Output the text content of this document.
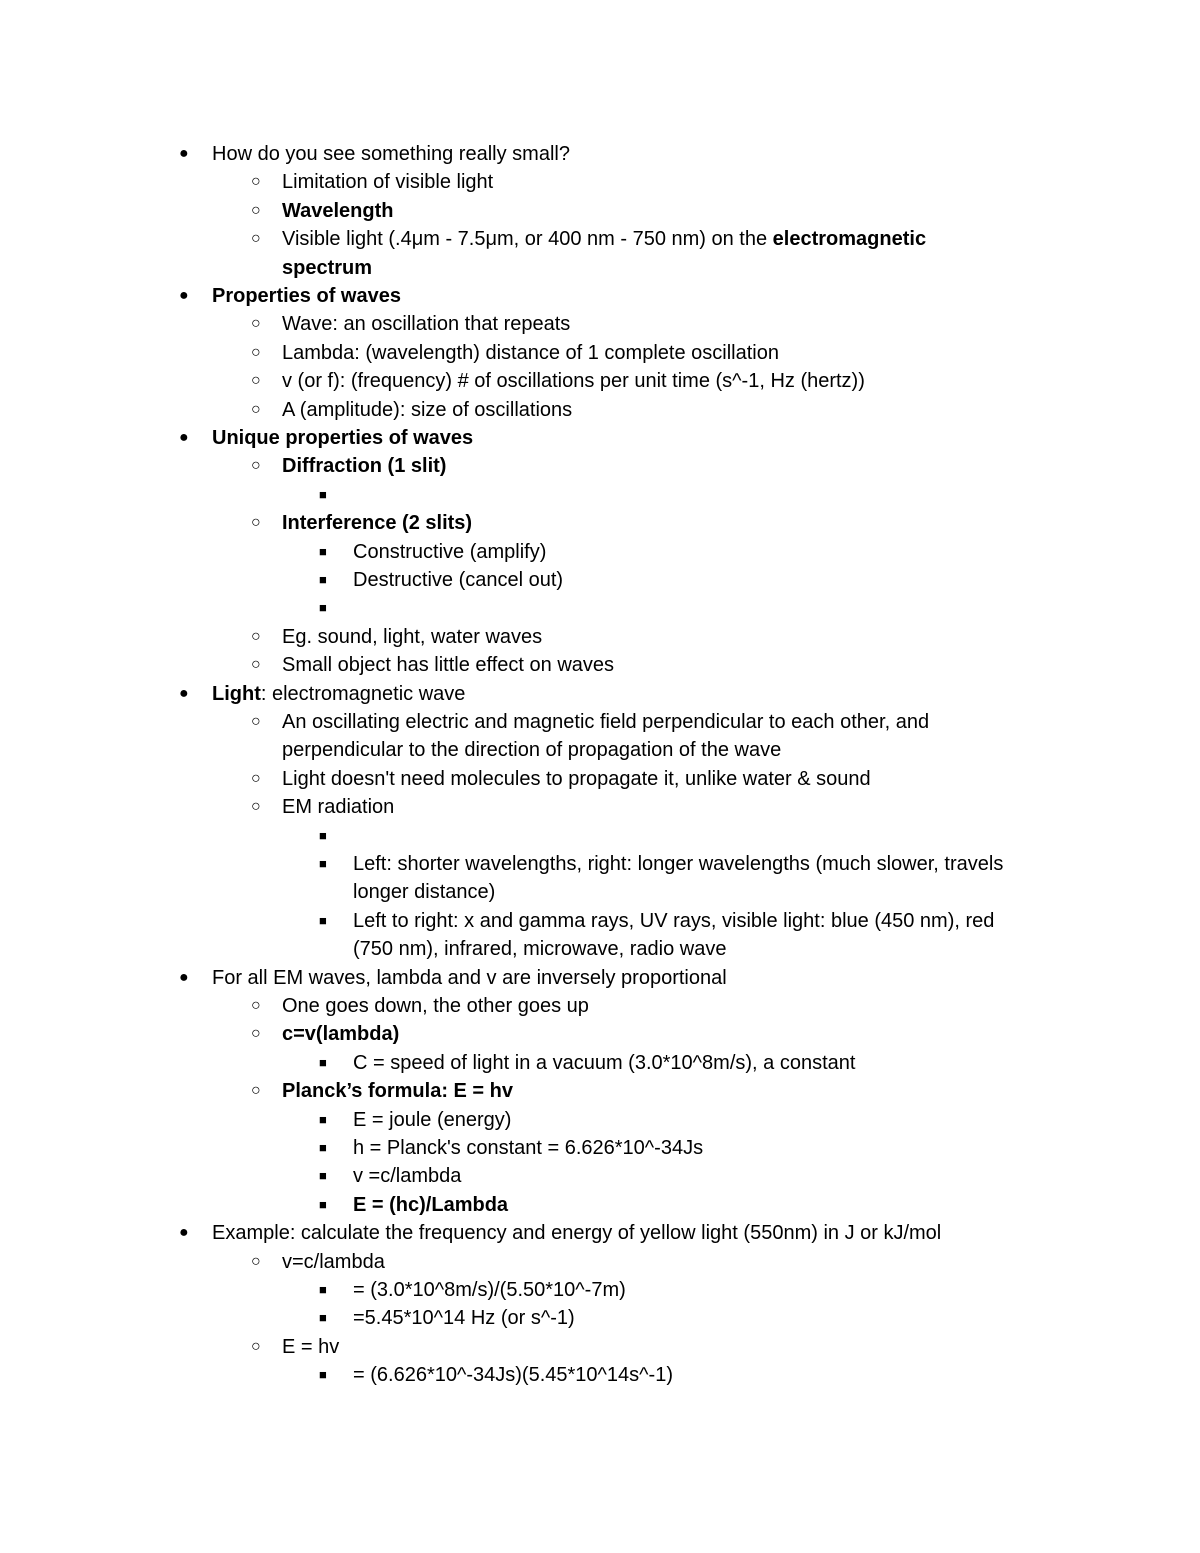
● How do you see something really small?
○ Limitation of visible light
○ Wavelength
○ Visible light (.4μm - 7.5μm, or 400 nm - 750 nm) on the electromagnetic
spectrum
● Properties of waves
○ Wave: an oscillation that repeats
○ Lambda: (wavelength) distance of 1 complete oscillation
○ v (or f): (frequency) # of oscillations per unit time (s^-1, Hz (hertz))
○ A (amplitude): size of oscillations
● Unique properties of waves
○ Diffraction (1 slit)
■
○ Interference (2 slits)
■ Constructive (amplify)
■ Destructive (cancel out)
■
○ Eg. sound, light, water waves
○ Small object has little effect on waves
● Light: electromagnetic wave
○ An oscillating electric and magnetic field perpendicular to each other, and
perpendicular to the direction of propagation of the wave
○ Light doesn't need molecules to propagate it, unlike water & sound
○ EM radiation
■
■ Left: shorter wavelengths, right: longer wavelengths (much slower, travels
longer distance)
■ Left to right: x and gamma rays, UV rays, visible light: blue (450 nm), red
(750 nm), infrared, microwave, radio wave
● For all EM waves, lambda and v are inversely proportional
○ One goes down, the other goes up
○ c=v(lambda)
■ C = speed of light in a vacuum (3.0*10^8m/s), a constant
○ Planck’s formula: E = hv
■ E = joule (energy)
■ h = Planck's constant = 6.626*10^-34Js
■ v =c/lambda
■ E = (hc)/Lambda
● Example: calculate the frequency and energy of yellow light (550nm) in J or kJ/mol
○ v=c/lambda
■ = (3.0*10^8m/s)/(5.50*10^-7m)
■ =5.45*10^14 Hz (or s^-1)
○ E = hv
■ = (6.626*10^-34Js)(5.45*10^14s^-1)
